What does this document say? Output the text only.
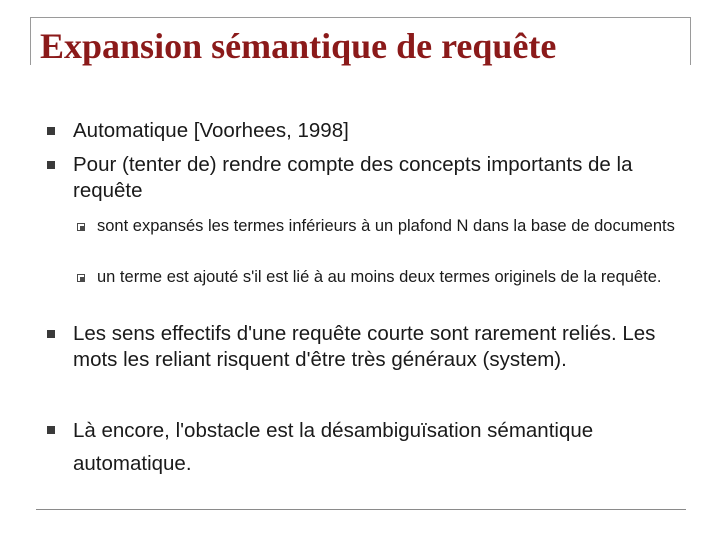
Expansion sémantique de requête
Automatique [Voorhees, 1998]
Pour (tenter de) rendre compte des concepts importants de la requête
sont expansés les termes inférieurs à un plafond N dans la base de documents
un terme est ajouté s'il est lié à au moins deux termes originels de la requête.
Les sens effectifs d'une requête courte sont rarement reliés. Les mots les reliant risquent d'être très généraux (system).
Là encore, l'obstacle est la désambiguïsation sémantique automatique.
